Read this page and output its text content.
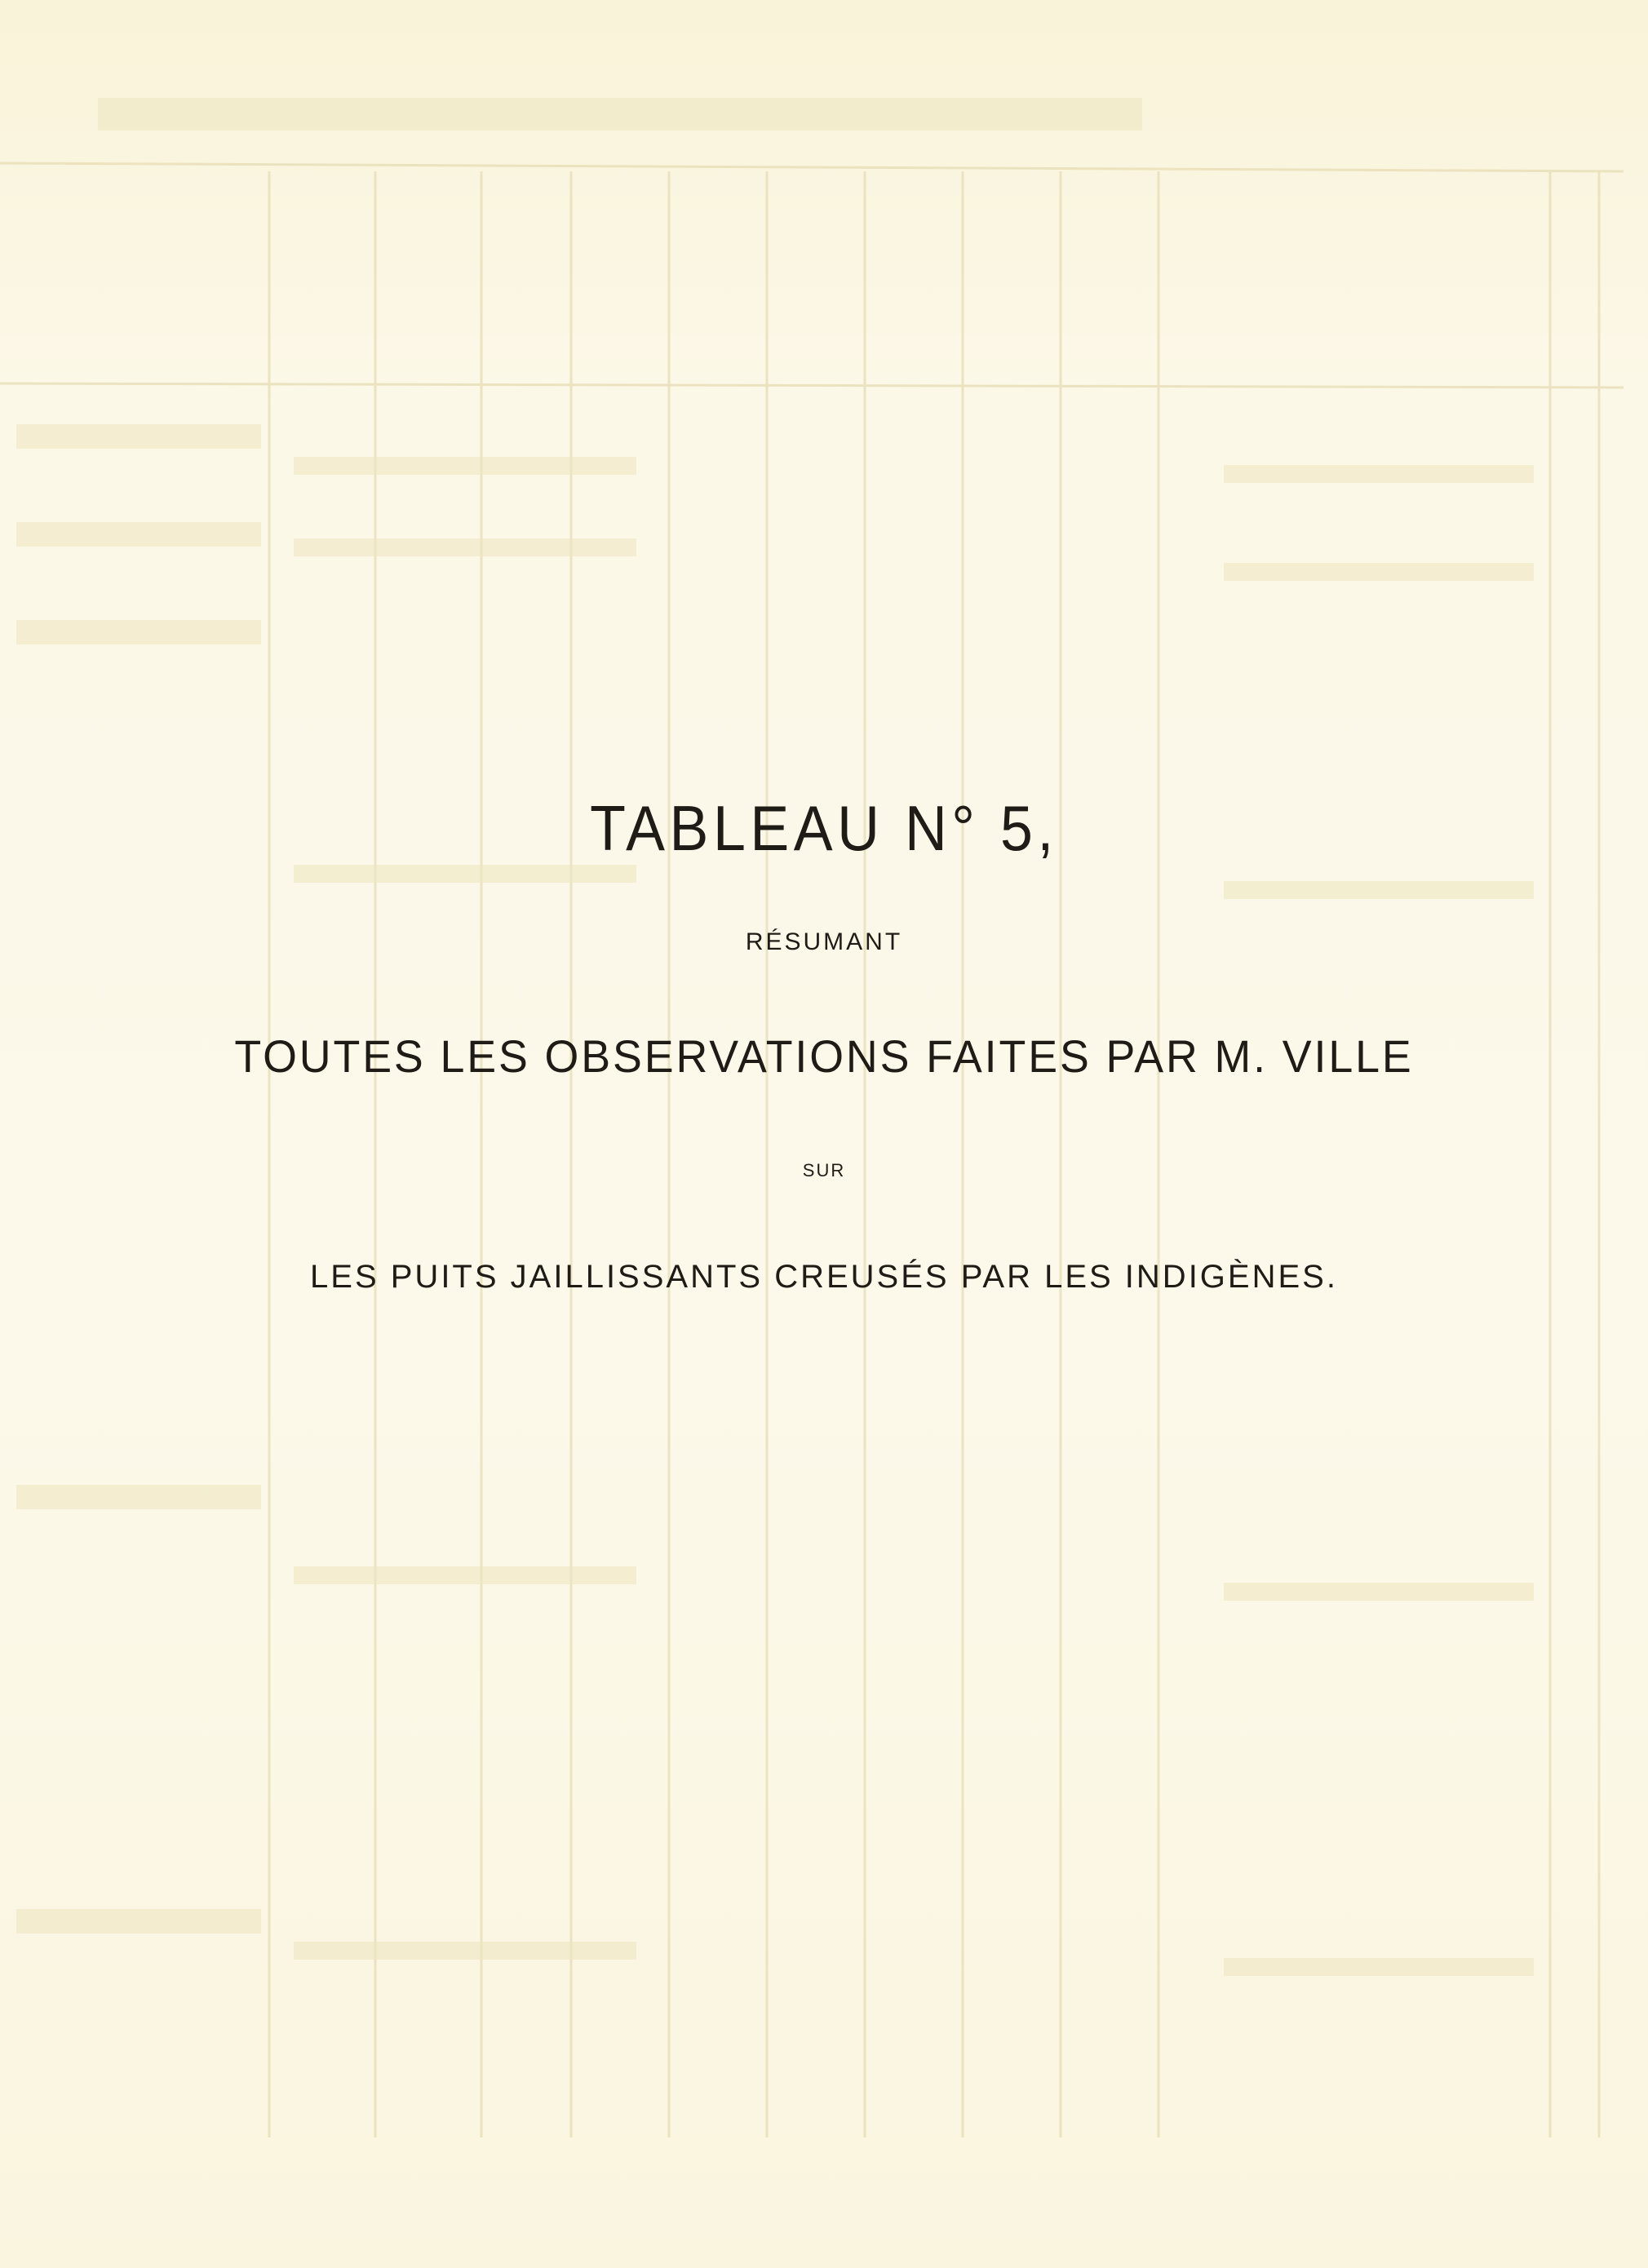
TABLEAU N° 5,
RÉSUMANT
TOUTES LES OBSERVATIONS FAITES PAR M. VILLE
SUR
LES PUITS JAILLISSANTS CREUSÉS PAR LES INDIGÈNES.
